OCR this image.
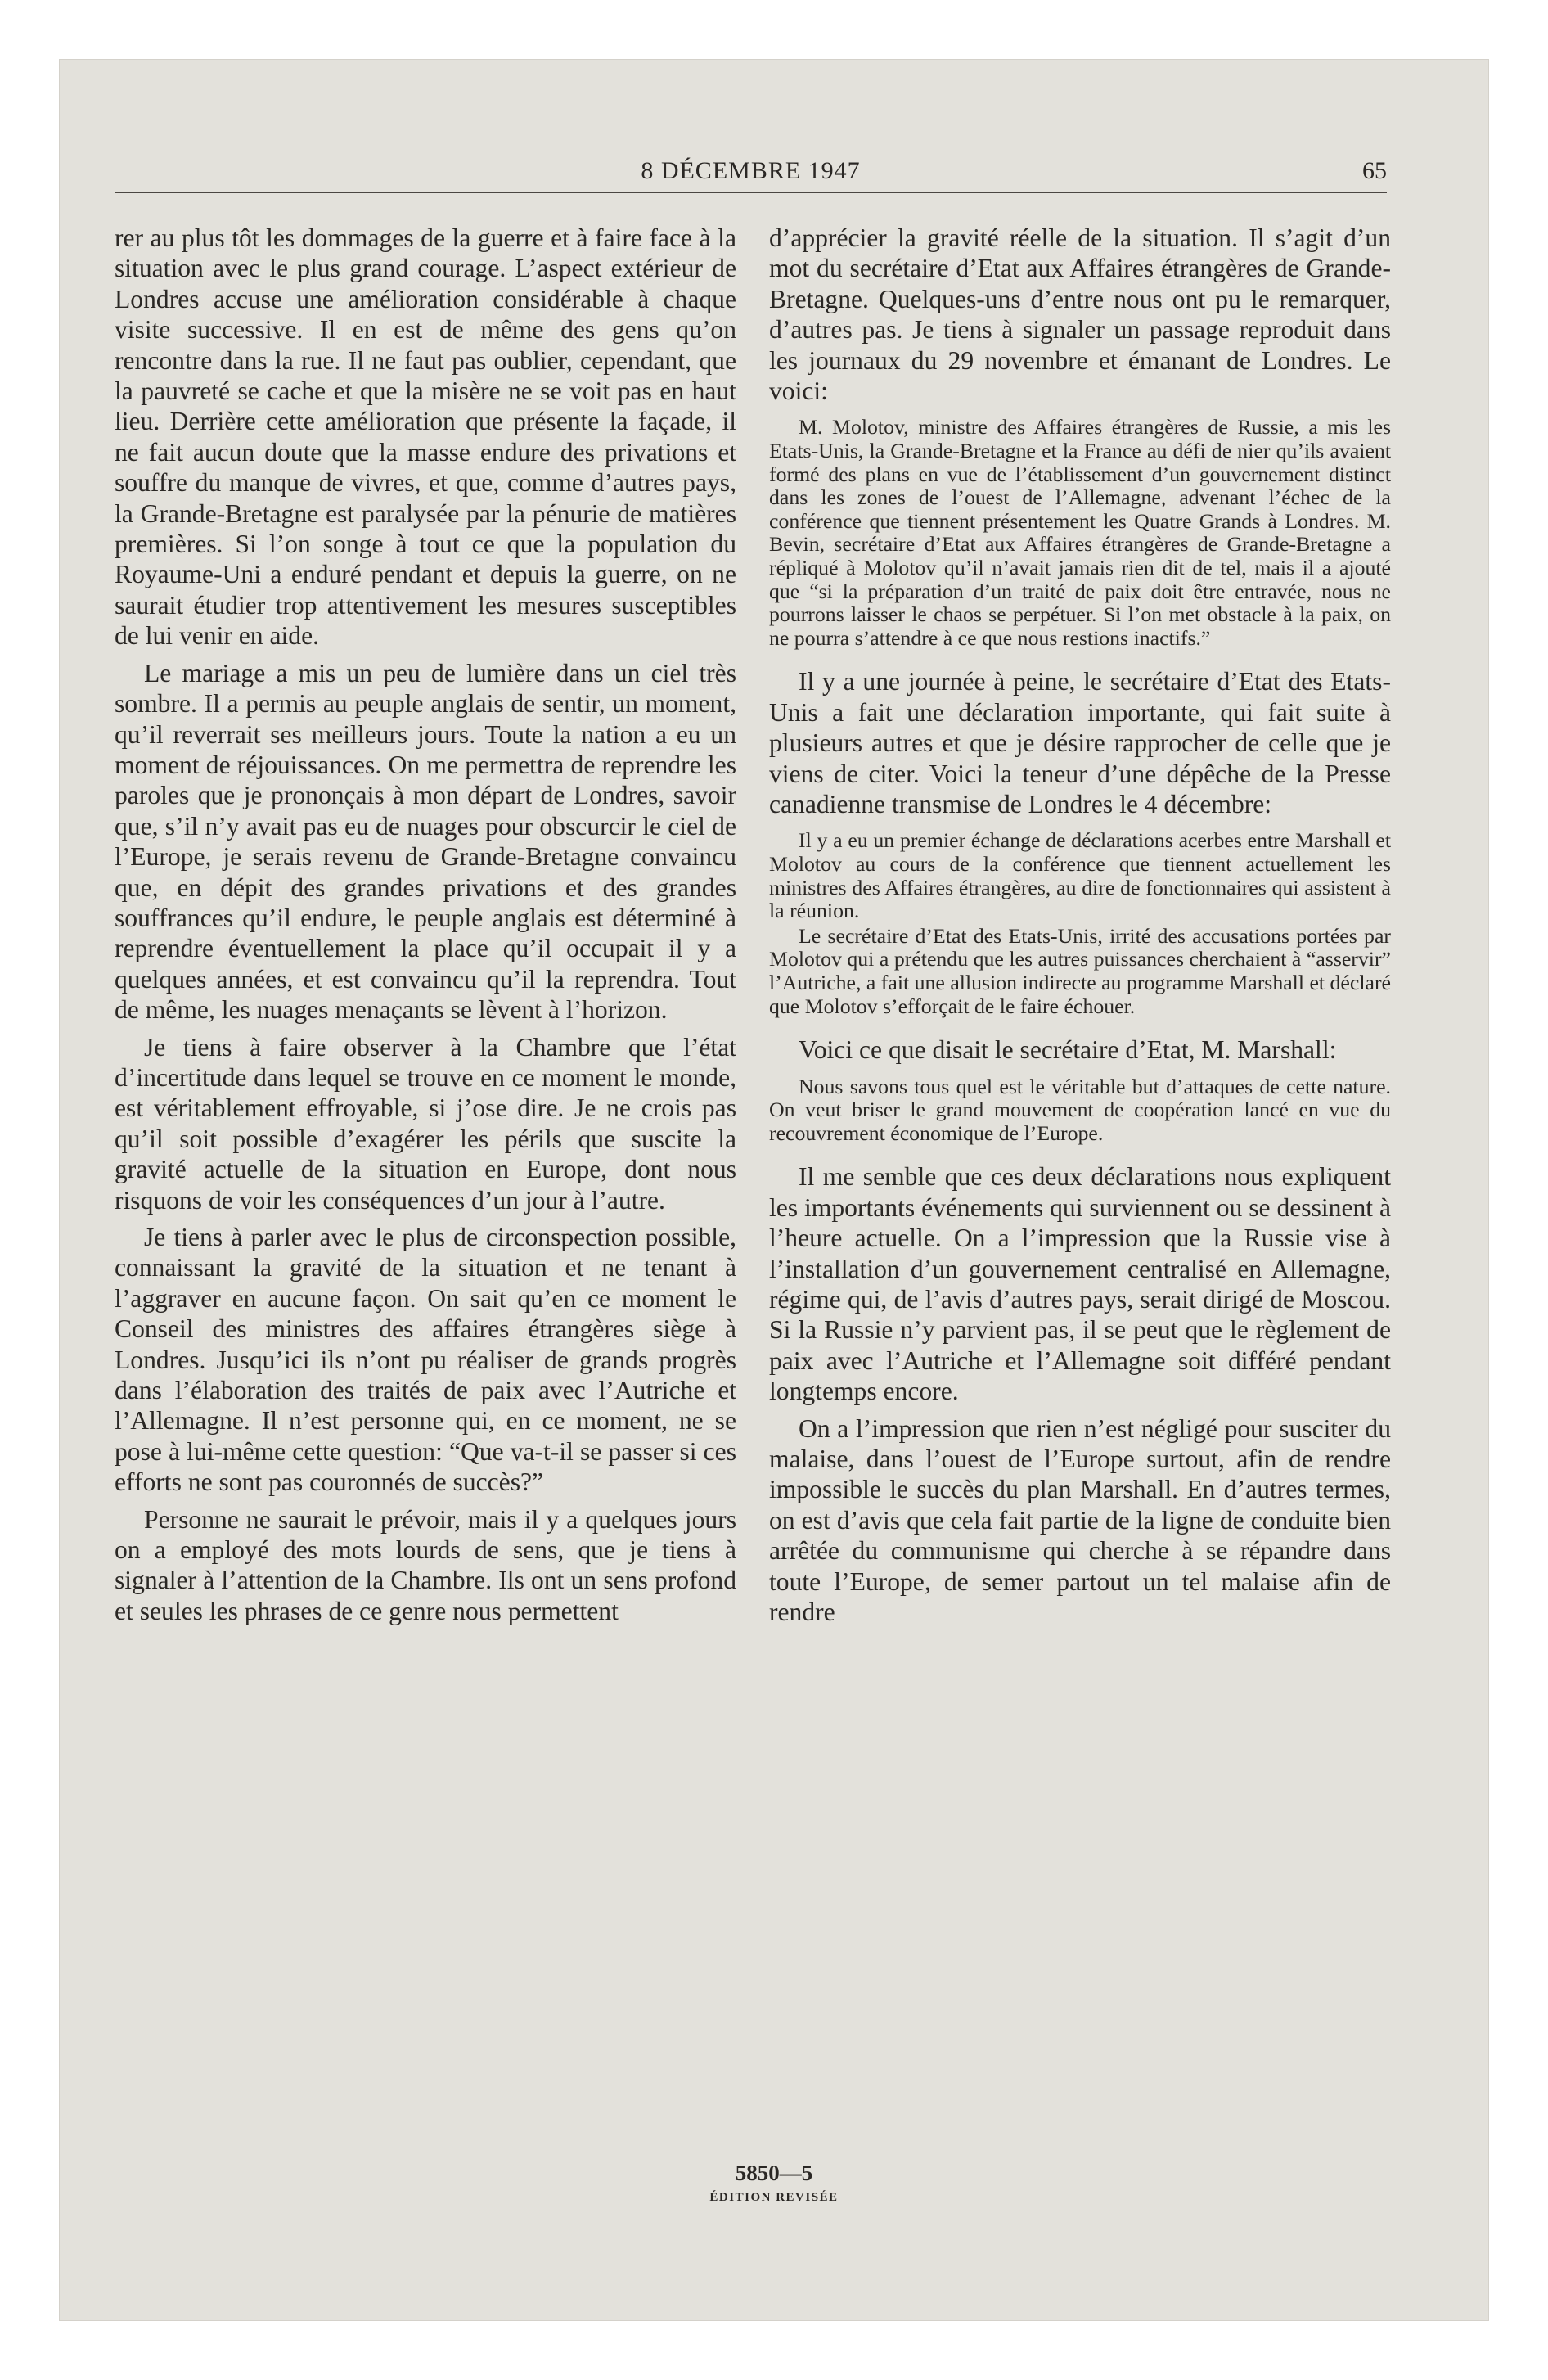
8 DÉCEMBRE 1947	65

rer au plus tôt les dommages de la guerre et à faire face à la situation avec le plus grand courage. L’aspect extérieur de Londres accuse une amélioration considérable à chaque visite successive. Il en est de même des gens qu’on rencontre dans la rue. Il ne faut pas oublier, cependant, que la pauvreté se cache et que la misère ne se voit pas en haut lieu. Derrière cette amélioration que présente la façade, il ne fait aucun doute que la masse endure des privations et souffre du manque de vivres, et que, comme d’autres pays, la Grande-Bretagne est paralysée par la pénurie de matières premières. Si l’on songe à tout ce que la population du Royaume-Uni a enduré pendant et depuis la guerre, on ne saurait étudier trop attentivement les mesures susceptibles de lui venir en aide.

Le mariage a mis un peu de lumière dans un ciel très sombre. Il a permis au peuple anglais de sentir, un moment, qu’il reverrait ses meilleurs jours. Toute la nation a eu un moment de réjouissances. On me permettra de reprendre les paroles que je prononçais à mon départ de Londres, savoir que, s’il n’y avait pas eu de nuages pour obscurcir le ciel de l’Europe, je serais revenu de Grande-Bretagne convaincu que, en dépit des grandes privations et des grandes souffrances qu’il endure, le peuple anglais est déterminé à reprendre éventuellement la place qu’il occupait il y a quelques années, et est convaincu qu’il la reprendra. Tout de même, les nuages menaçants se lèvent à l’horizon.

Je tiens à faire observer à la Chambre que l’état d’incertitude dans lequel se trouve en ce moment le monde, est véritablement effroyable, si j’ose dire. Je ne crois pas qu’il soit possible d’exagérer les périls que suscite la gravité actuelle de la situation en Europe, dont nous risquons de voir les conséquences d’un jour à l’autre.

Je tiens à parler avec le plus de circonspection possible, connaissant la gravité de la situation et ne tenant à l’aggraver en aucune façon. On sait qu’en ce moment le Conseil des ministres des affaires étrangères siège à Londres. Jusqu’ici ils n’ont pu réaliser de grands progrès dans l’élaboration des traités de paix avec l’Autriche et l’Allemagne. Il n’est personne qui, en ce moment, ne se pose à lui-même cette question: “Que va-t-il se passer si ces efforts ne sont pas couronnés de succès?”

Personne ne saurait le prévoir, mais il y a quelques jours on a employé des mots lourds de sens, que je tiens à signaler à l’attention de la Chambre. Ils ont un sens profond et seules les phrases de ce genre nous permettent

d’apprécier la gravité réelle de la situation. Il s’agit d’un mot du secrétaire d’Etat aux Affaires étrangères de Grande-Bretagne. Quelques-uns d’entre nous ont pu le remarquer, d’autres pas. Je tiens à signaler un passage reproduit dans les journaux du 29 novembre et émanant de Londres. Le voici:

M. Molotov, ministre des Affaires étrangères de Russie, a mis les Etats-Unis, la Grande-Bretagne et la France au défi de nier qu’ils avaient formé des plans en vue de l’établissement d’un gouvernement distinct dans les zones de l’ouest de l’Allemagne, advenant l’échec de la conférence que tiennent présentement les Quatre Grands à Londres. M. Bevin, secrétaire d’Etat aux Affaires étrangères de Grande-Bretagne a répliqué à Molotov qu’il n’avait jamais rien dit de tel, mais il a ajouté que “si la préparation d’un traité de paix doit être entravée, nous ne pourrons laisser le chaos se perpétuer. Si l’on met obstacle à la paix, on ne pourra s’attendre à ce que nous restions inactifs.”

Il y a une journée à peine, le secrétaire d’Etat des Etats-Unis a fait une déclaration importante, qui fait suite à plusieurs autres et que je désire rapprocher de celle que je viens de citer. Voici la teneur d’une dépêche de la Presse canadienne transmise de Londres le 4 décembre:

Il y a eu un premier échange de déclarations acerbes entre Marshall et Molotov au cours de la conférence que tiennent actuellement les ministres des Affaires étrangères, au dire de fonctionnaires qui assistent à la réunion.

Le secrétaire d’Etat des Etats-Unis, irrité des accusations portées par Molotov qui a prétendu que les autres puissances cherchaient à “asservir” l’Autriche, a fait une allusion indirecte au programme Marshall et déclaré que Molotov s’efforçait de le faire échouer.

Voici ce que disait le secrétaire d’Etat, M. Marshall:

Nous savons tous quel est le véritable but d’attaques de cette nature. On veut briser le grand mouvement de coopération lancé en vue du recouvrement économique de l’Europe.

Il me semble que ces deux déclarations nous expliquent les importants événements qui surviennent ou se dessinent à l’heure actuelle. On a l’impression que la Russie vise à l’installation d’un gouvernement centralisé en Allemagne, régime qui, de l’avis d’autres pays, serait dirigé de Moscou. Si la Russie n’y parvient pas, il se peut que le règlement de paix avec l’Autriche et l’Allemagne soit différé pendant longtemps encore.

On a l’impression que rien n’est négligé pour susciter du malaise, dans l’ouest de l’Europe surtout, afin de rendre impossible le succès du plan Marshall. En d’autres termes, on est d’avis que cela fait partie de la ligne de conduite bien arrêtée du communisme qui cherche à se répandre dans toute l’Europe, de semer partout un tel malaise afin de rendre

5850—5
ÉDITION REVISÉE
